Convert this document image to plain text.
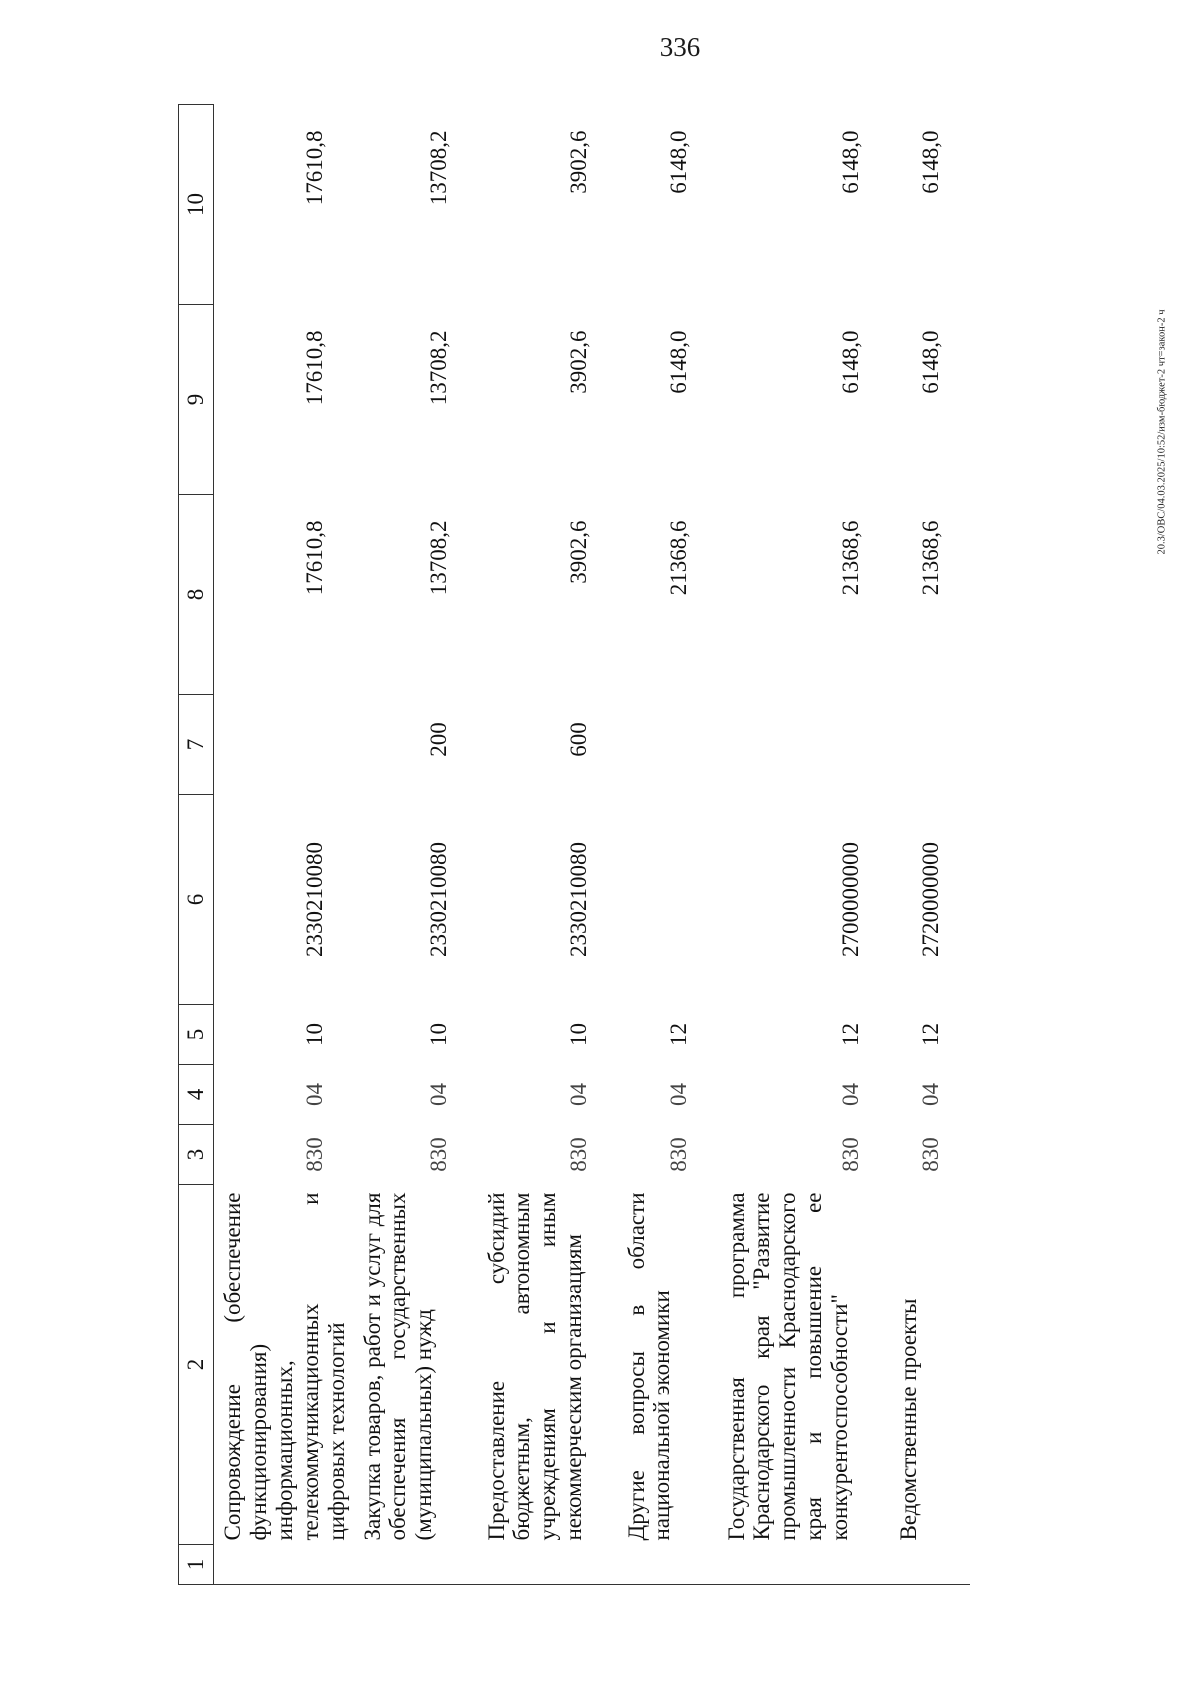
336
20.3/ОВС/04.03.2025/10:52/изм-бюджет-2 чт=закон-2 ч
1	2	3	4	5	6	7	8	9	10
	Сопровождение (обеспечение функционирования) информационных, телекоммуникационных и цифровых технологий	830	04	10	2330210080		17610,8	17610,8	17610,8
	Закупка товаров, работ и услуг для обеспечения государственных (муниципальных) нужд	830	04	10	2330210080	200	13708,2	13708,2	13708,2
	Предоставление субсидий бюджетным, автономным учреждениям и иным некоммерческим организациям	830	04	10	2330210080	600	3902,6	3902,6	3902,6
	Другие вопросы в области национальной экономики	830	04	12			21368,6	6148,0	6148,0
	Государственная программа Краснодарского края "Развитие промышленности Краснодарского края и повышение ее конкурентоспособности"	830	04	12	2700000000		21368,6	6148,0	6148,0
	Ведомственные проекты	830	04	12	2720000000		21368,6	6148,0	6148,0
